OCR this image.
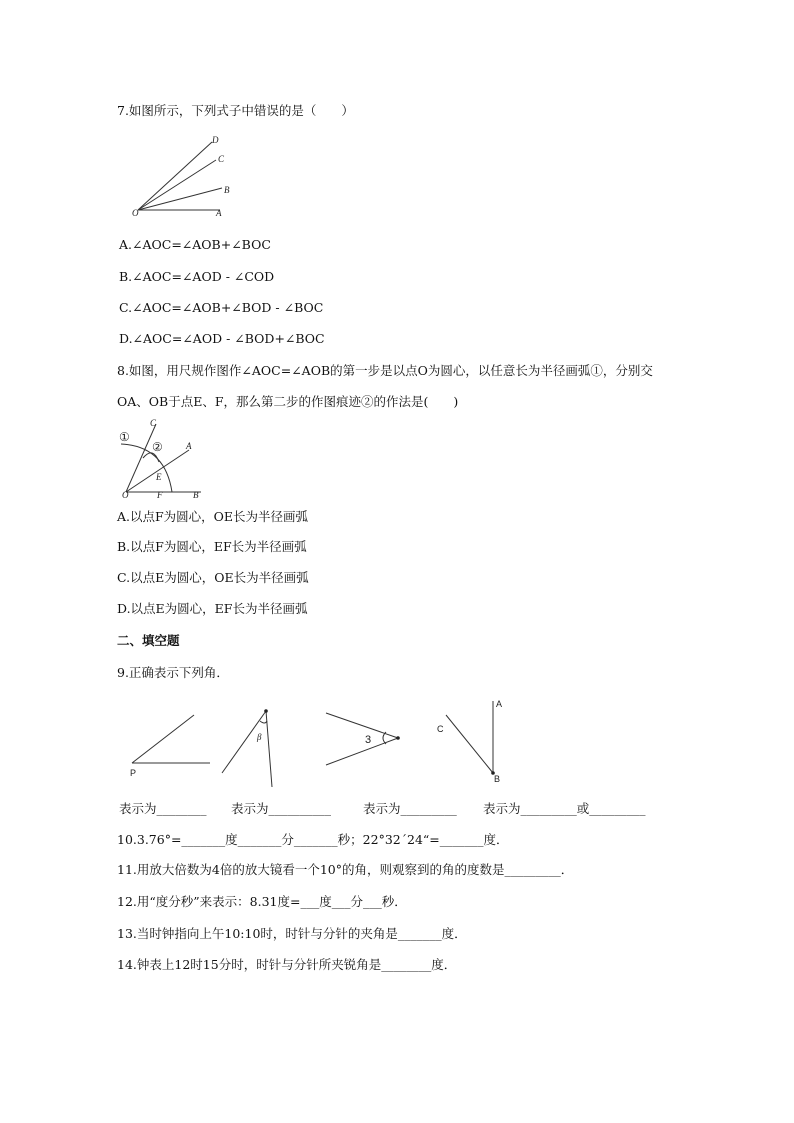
7.如图所示，下列式子中错误的是（　　）
D
C
B
O	A
A.∠AOC=∠AOB+∠BOC
B.∠AOC=∠AOD - ∠COD
C.∠AOC=∠AOB+∠BOD - ∠BOC
D.∠AOC=∠AOD - ∠BOD+∠BOC
8.如图，用尺规作图作∠AOC=∠AOB的第一步是以点O为圆心，以任意长为半径画弧①，分别交
OA、OB于点E、F，那么第二步的作图痕迹②的作法是(　　)
C
A
E
O	F	B
①
②
A.以点F为圆心，OE长为半径画弧
B.以点F为圆心，EF长为半径画弧
C.以点E为圆心，OE长为半径画弧
D.以点E为圆心，EF长为半径画弧
二、填空题
9.正确表示下列角．
P
β	3
A
C
B
表示为________ 表示为__________	表示为_________ 表示为_________或_________
10.3.76°=_______度_______分_______秒；22°32´24“=_______度．
11.用放大倍数为4倍的放大镜看一个10°的角，则观察到的角的度数是_________．
12.用“度分秒”来表示：8.31度=___度___分___秒．
13.当时钟指向上午10:10时，时针与分针的夹角是_______度．
14.钟表上12时15分时，时针与分针所夹锐角是________度．
